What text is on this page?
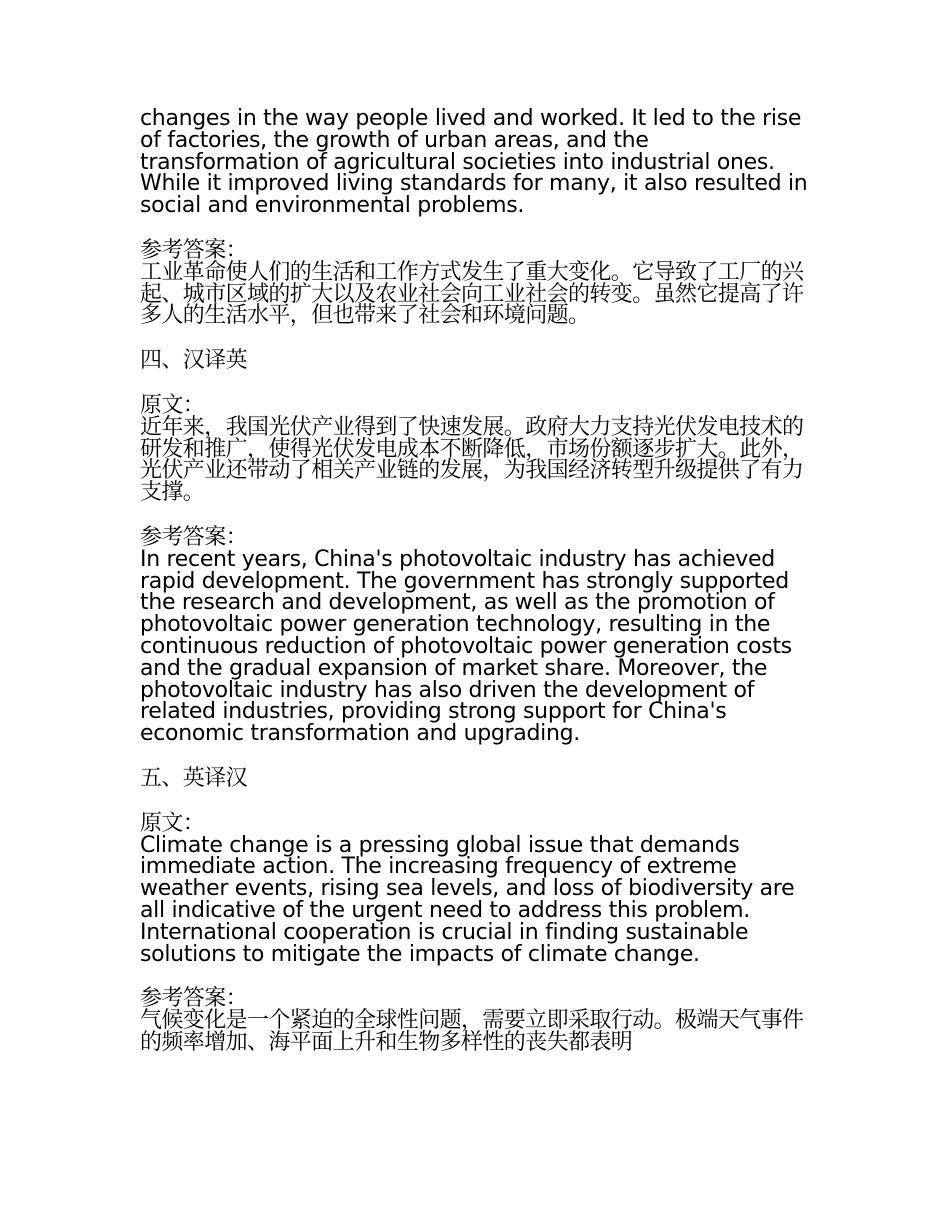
changes in the way people lived and worked. It led to the rise of factories, the growth of urban areas, and the transformation of agricultural societies into industrial ones. While it improved living standards for many, it also resulted in social and environmental problems.

参考答案：

工业革命使人们的生活和工作方式发生了重大变化。它导致了工厂的兴起、城市区域的扩大以及农业社会向工业社会的转变。虽然它提高了许多人的生活水平，但也带来了社会和环境问题。

四、汉译英

原文：

近年来，我国光伏产业得到了快速发展。政府大力支持光伏发电技术的研发和推广，使得光伏发电成本不断降低，市场份额逐步扩大。此外，光伏产业还带动了相关产业链的发展，为我国经济转型升级提供了有力支撑。

参考答案：

In recent years, China's photovoltaic industry has achieved rapid development. The government has strongly supported the research and development, as well as the promotion of photovoltaic power generation technology, resulting in the continuous reduction of photovoltaic power generation costs and the gradual expansion of market share. Moreover, the photovoltaic industry has also driven the development of related industries, providing strong support for China's economic transformation and upgrading.

五、英译汉

原文：

Climate change is a pressing global issue that demands immediate action. The increasing frequency of extreme weather events, rising sea levels, and loss of biodiversity are all indicative of the urgent need to address this problem. International cooperation is crucial in finding sustainable solutions to mitigate the impacts of climate change.

参考答案：

气候变化是一个紧迫的全球性问题，需要立即采取行动。极端天气事件的频率增加、海平面上升和生物多样性的丧失都表明
